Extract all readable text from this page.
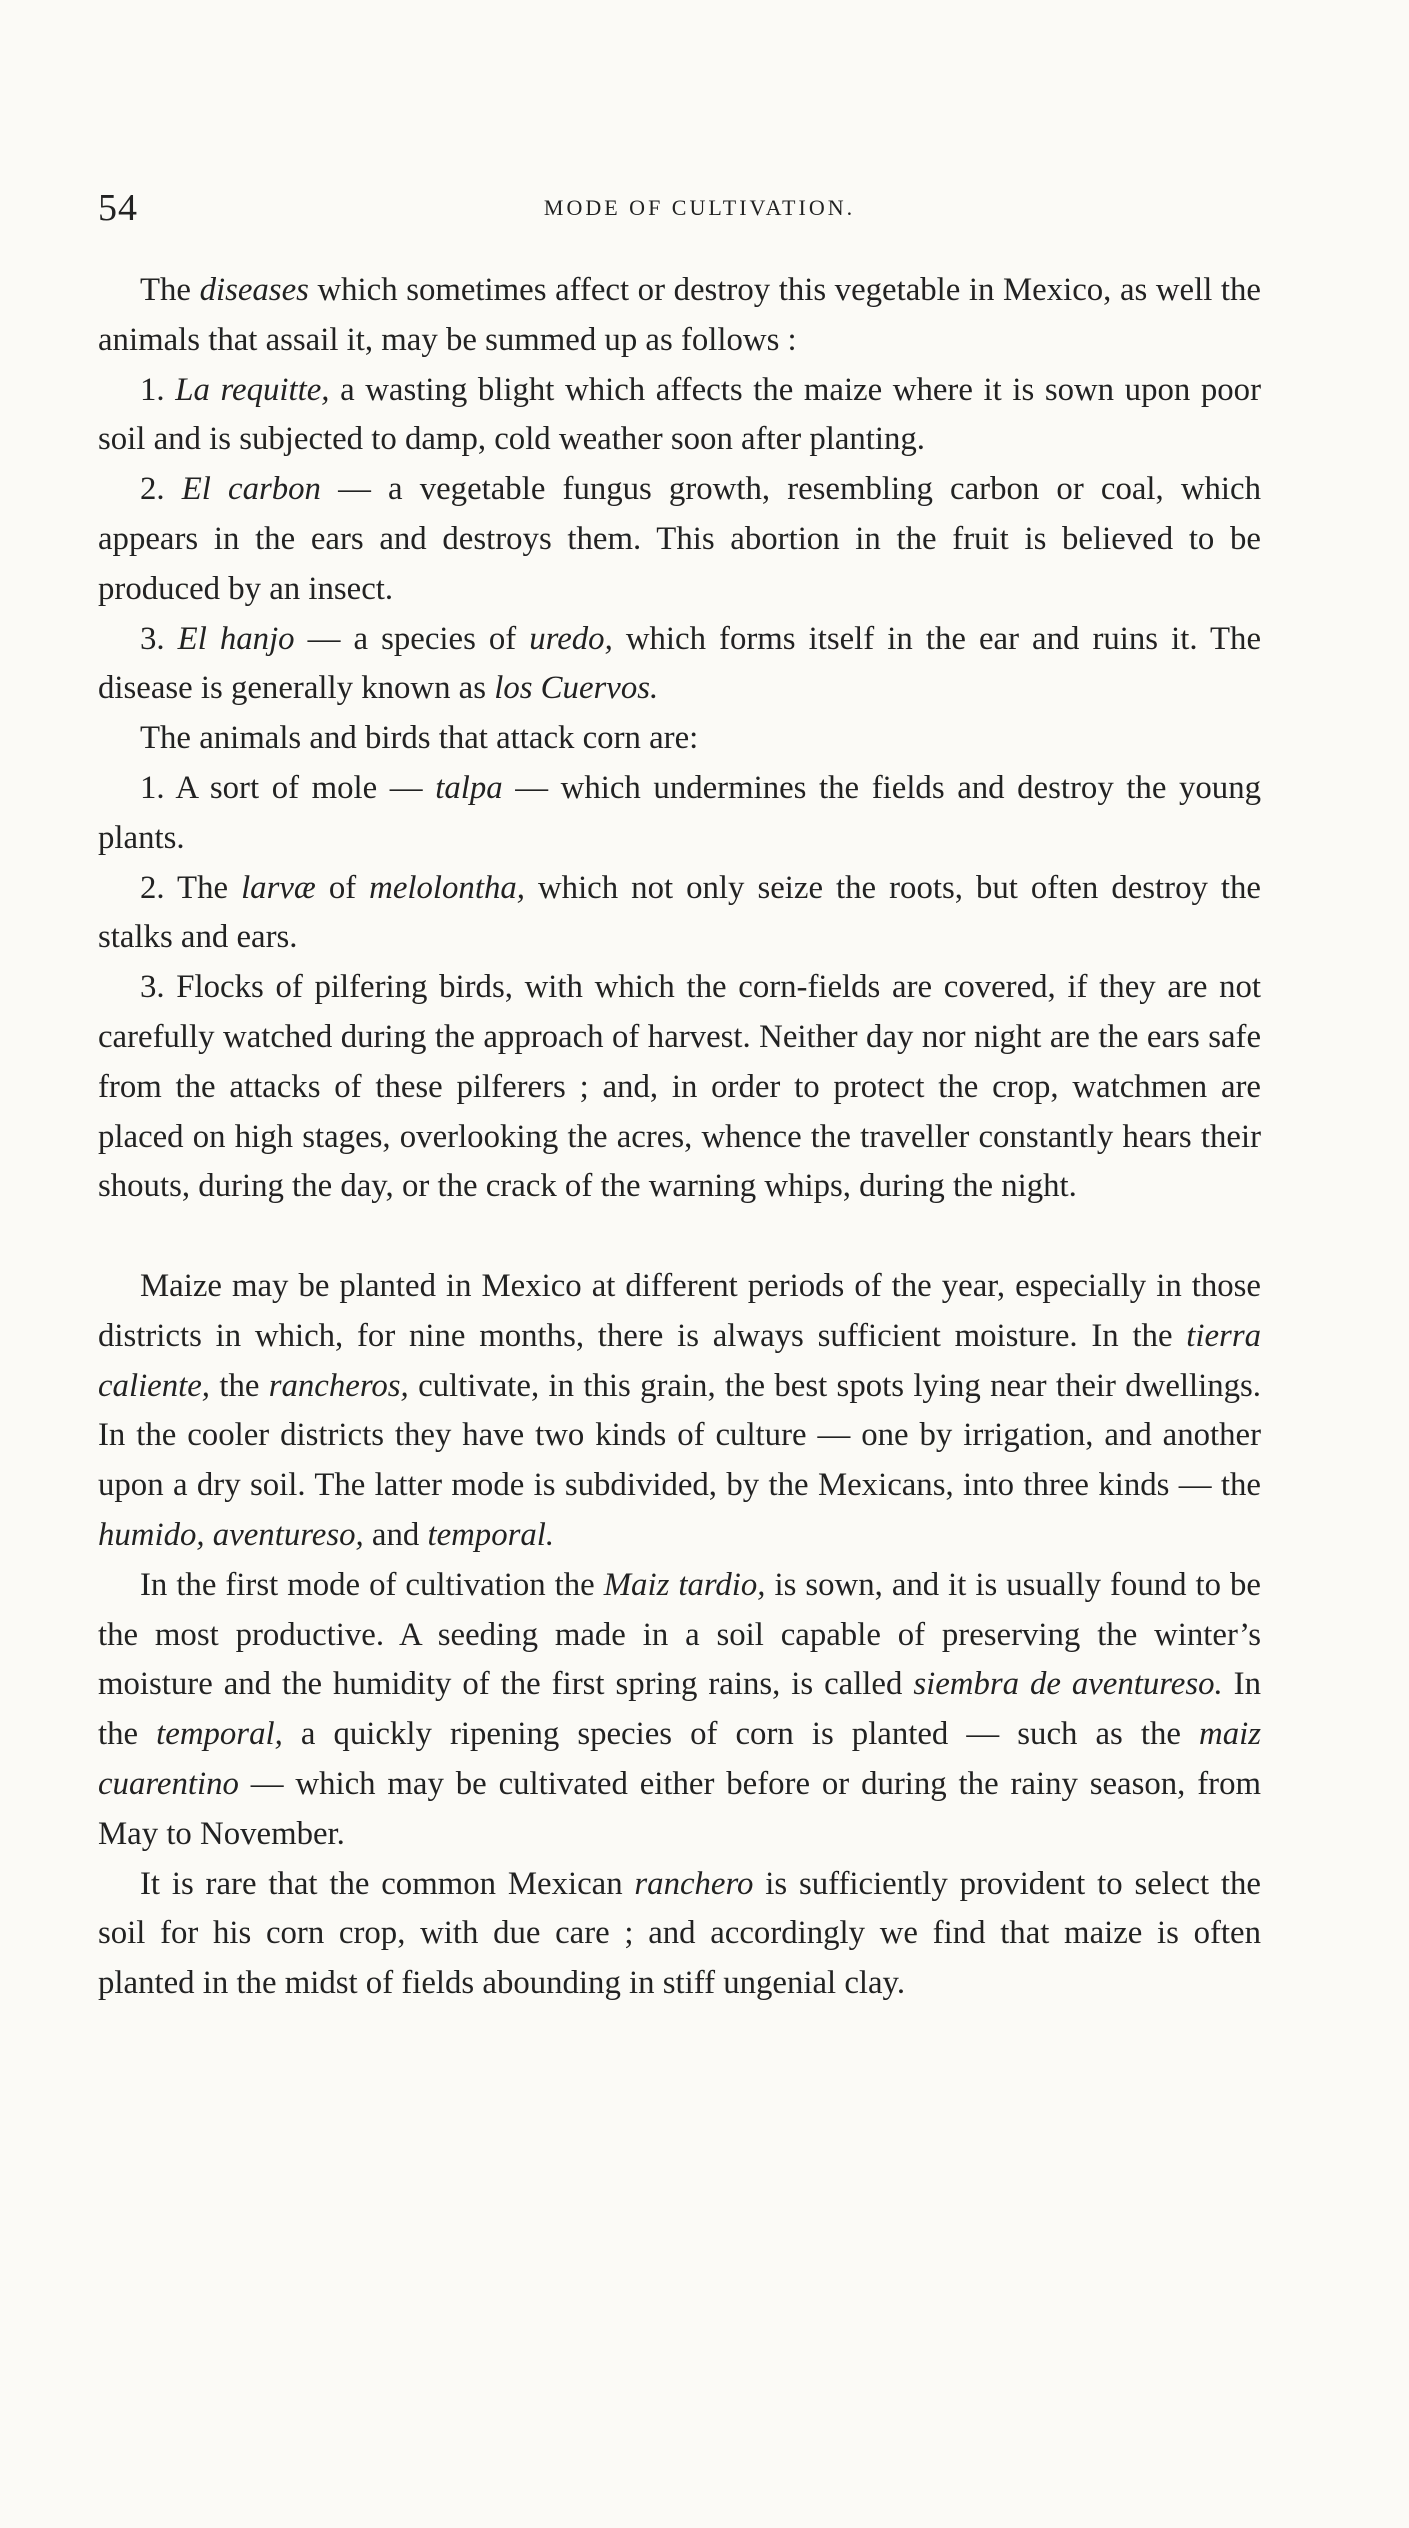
54	MODE OF CULTIVATION.

The diseases which sometimes affect or destroy this vegetable in Mexico, as well the animals that assail it, may be summed up as follows :

1. La requitte, a wasting blight which affects the maize where it is sown upon poor soil and is subjected to damp, cold weather soon after planting.

2. El carbon — a vegetable fungus growth, resembling carbon or coal, which appears in the ears and destroys them. This abortion in the fruit is believed to be produced by an insect.

3. El hanjo — a species of uredo, which forms itself in the ear and ruins it. The disease is generally known as los Cuervos.

The animals and birds that attack corn are:

1. A sort of mole — talpa — which undermines the fields and destroy the young plants.

2. The larvæ of melolontha, which not only seize the roots, but often destroy the stalks and ears.

3. Flocks of pilfering birds, with which the corn-fields are covered, if they are not carefully watched during the approach of harvest. Neither day nor night are the ears safe from the attacks of these pilferers ; and, in order to protect the crop, watchmen are placed on high stages, overlooking the acres, whence the traveller constantly hears their shouts, during the day, or the crack of the warning whips, during the night.

Maize may be planted in Mexico at different periods of the year, especially in those districts in which, for nine months, there is always sufficient moisture. In the tierra caliente, the rancheros, cultivate, in this grain, the best spots lying near their dwellings. In the cooler districts they have two kinds of culture — one by irrigation, and another upon a dry soil. The latter mode is subdivided, by the Mexicans, into three kinds — the humido, aventureso, and temporal.

In the first mode of cultivation the Maiz tardio, is sown, and it is usually found to be the most productive. A seeding made in a soil capable of preserving the winter’s moisture and the humidity of the first spring rains, is called siembra de aventureso. In the temporal, a quickly ripening species of corn is planted — such as the maiz cuarentino — which may be cultivated either before or during the rainy season, from May to November.

It is rare that the common Mexican ranchero is sufficiently provident to select the soil for his corn crop, with due care ; and accordingly we find that maize is often planted in the midst of fields abounding in stiff ungenial clay.
